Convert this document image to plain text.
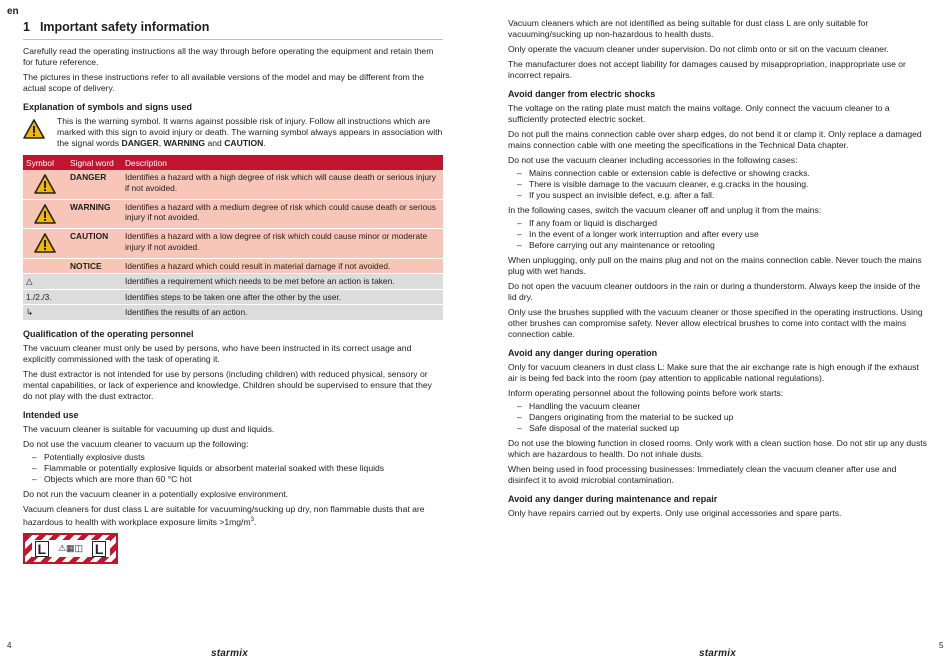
en
1 Important safety information

Carefully read the operating instructions all the way through before operating the equipment and retain them for future reference.

The pictures in these instructions refer to all available versions of the model and may be different from the actual scope of delivery.

Explanation of symbols and signs used

This is the warning symbol. It warns against possible risk of injury. Follow all instructions which are marked with this sign to avoid injury or death. The warning symbol always appears in association with the signal words DANGER, WARNING and CAUTION.

Symbol	Signal word	Description
	DANGER	Identifies a hazard with a high degree of risk which will cause death or serious injury if not avoided.
	WARNING	Identifies a hazard with a medium degree of risk which could cause death or serious injury if not avoided.
	CAUTION	Identifies a hazard with a low degree of risk which could cause minor or moderate injury if not avoided.
	NOTICE	Identifies a hazard which could result in material damage if not avoided.
△		Identifies a requirement which needs to be met before an action is taken.
1./2./3.		Identifies steps to be taken one after the other by the user.
↳		Identifies the results of an action.
Qualification of the operating personnel

The vacuum cleaner must only be used by persons, who have been instructed in its correct usage and explicitly commissioned with the task of operating it.

The dust extractor is not intended for use by persons (including children) with reduced physical, sensory or mental capabilities, or lack of experience and knowledge. Children should be supervised to ensure that they do not play with the dust extractor.

Intended use

The vacuum cleaner is suitable for vacuuming up dust and liquids.

Do not use the vacuum cleaner to vacuum up the following:

– Potentially explosive dusts
– Flammable or potentially explosive liquids or absorbent material soaked with these liquids
– Objects which are more than 60 °C hot

Do not run the vacuum cleaner in a potentially explosive environment.

Vacuum cleaners for dust class L are suitable for vacuuming/sucking up dry, non flammable dusts that are hazardous to health with workplace exposure limits $>1mg/m^3$.

L	⚠▦◫ L
4
starmix

Vacuum cleaners which are not identified as being suitable for dust class L are only suitable for vacuuming/sucking up non-hazardous to health dusts.

Only operate the vacuum cleaner under supervision. Do not climb onto or sit on the vacuum cleaner.

The manufacturer does not accept liability for damages caused by misappropriation, inappropriate use or incorrect repairs.

Avoid danger from electric shocks

The voltage on the rating plate must match the mains voltage. Only connect the vacuum cleaner to a sufficiently protected electric socket.

Do not pull the mains connection cable over sharp edges, do not bend it or clamp it. Only replace a damaged mains connection cable with one meeting the specifications in the Technical Data chapter.

Do not use the vacuum cleaner including accessories in the following cases:

– Mains connection cable or extension cable is defective or showing cracks.
– There is visible damage to the vacuum cleaner, e.g.cracks in the housing.
– If you suspect an invisible defect, e.g. after a fall.

In the following cases, switch the vacuum cleaner off and unplug it from the mains:

– If any foam or liquid is discharged
– In the event of a longer work interruption and after every use
– Before carrying out any maintenance or retooling

When unplugging, only pull on the mains plug and not on the mains connection cable. Never touch the mains plug with wet hands.

Do not open the vacuum cleaner outdoors in the rain or during a thunderstorm. Always keep the inside of the lid dry.

Only use the brushes supplied with the vacuum cleaner or those specified in the operating instructions. Using other brushes can compromise safety. Never allow electrical brushes to come into contact with the mains connection cable.

Avoid any danger during operation

Only for vacuum cleaners in dust class L: Make sure that the air exchange rate is high enough if the exhaust air is being fed back into the room (pay attention to applicable national regulations).

Inform operating personnel about the following points before work starts:

– Handling the vacuum cleaner
– Dangers originating from the material to be sucked up
– Safe disposal of the material sucked up

Do not use the blowing function in closed rooms. Only work with a clean suction hose. Do not stir up any dusts which are hazardous to health. Do not inhale dusts.

When being used in food processing businesses: Immediately clean the vacuum cleaner after use and disinfect it to avoid microbial contamination.

Avoid any danger during maintenance and repair

Only have repairs carried out by experts. Only use original accessories and spare parts.

5
starmix
